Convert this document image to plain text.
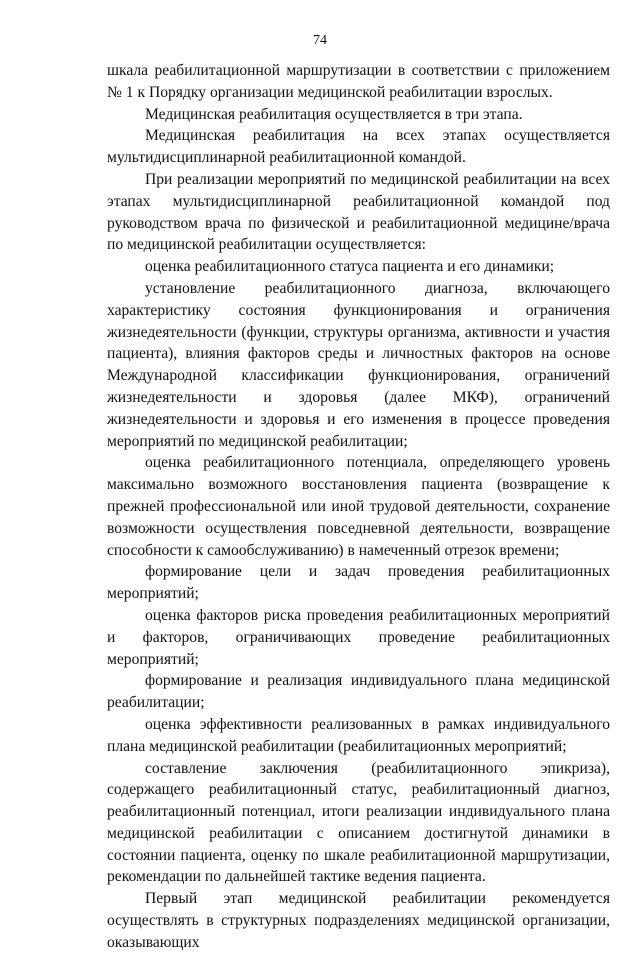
74

шкала реабилитационной маршрутизации в соответствии с приложением № 1 к Порядку организации медицинской реабилитации взрослых.

Медицинская реабилитация осуществляется в три этапа.

Медицинская реабилитация на всех этапах осуществляется мультидисциплинарной реабилитационной командой.

При реализации мероприятий по медицинской реабилитации на всех этапах мультидисциплинарной реабилитационной командой под руководством врача по физической и реабилитационной медицине/врача по медицинской реабилитации осуществляется:

оценка реабилитационного статуса пациента и его динамики;

установление реабилитационного диагноза, включающего характеристику состояния функционирования и ограничения жизнедеятельности (функции, структуры организма, активности и участия пациента), влияния факторов среды и личностных факторов на основе Международной классификации функционирования, ограничений жизнедеятельности и здоровья (далее МКФ), ограничений жизнедеятельности и здоровья и его изменения в процессе проведения мероприятий по медицинской реабилитации;

оценка реабилитационного потенциала, определяющего уровень максимально возможного восстановления пациента (возвращение к прежней профессиональной или иной трудовой деятельности, сохранение возможности осуществления повседневной деятельности, возвращение способности к самообслуживанию) в намеченный отрезок времени;

формирование цели и задач проведения реабилитационных мероприятий;

оценка факторов риска проведения реабилитационных мероприятий и факторов, ограничивающих проведение реабилитационных мероприятий;

формирование и реализация индивидуального плана медицинской реабилитации;

оценка эффективности реализованных в рамках индивидуального плана медицинской реабилитации (реабилитационных мероприятий;

составление заключения (реабилитационного эпикриза), содержащего реабилитационный статус, реабилитационный диагноз, реабилитационный потенциал, итоги реализации индивидуального плана медицинской реабилитации с описанием достигнутой динамики в состоянии пациента, оценку по шкале реабилитационной маршрутизации, рекомендации по дальнейшей тактике ведения пациента.

Первый этап медицинской реабилитации рекомендуется осуществлять в структурных подразделениях медицинской организации, оказывающих
